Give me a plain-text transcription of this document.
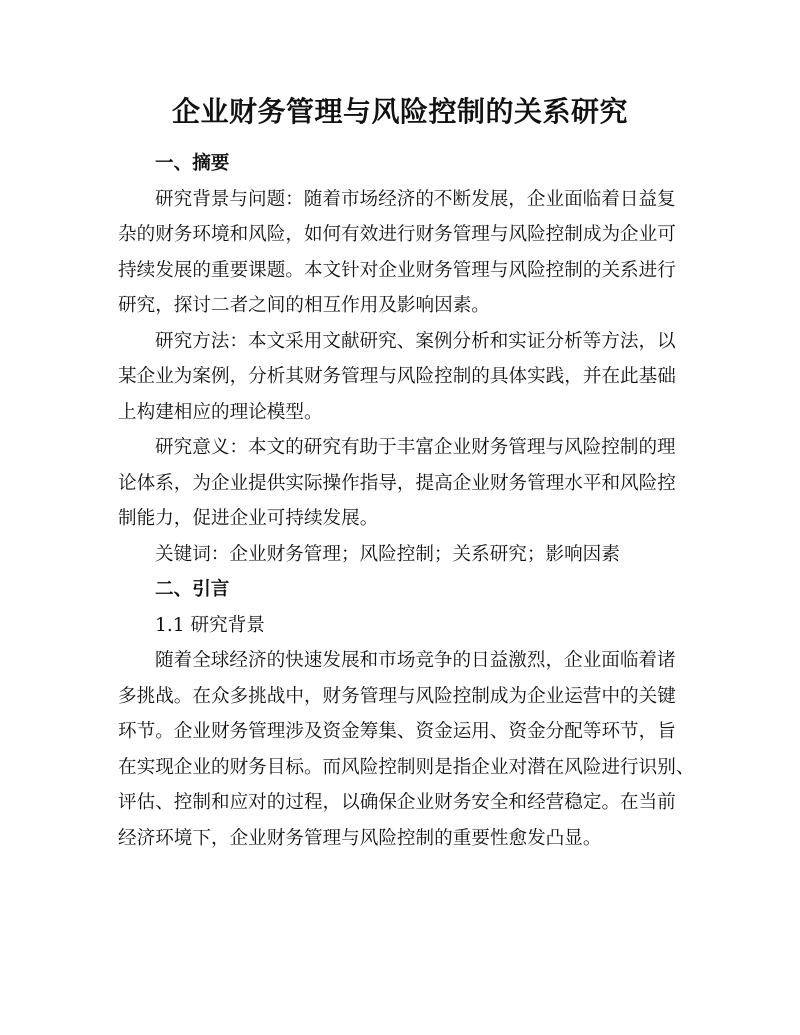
企业财务管理与风险控制的关系研究

一、摘要

研究背景与问题：随着市场经济的不断发展，企业面临着日益复

杂的财务环境和风险，如何有效进行财务管理与风险控制成为企业可

持续发展的重要课题。本文针对企业财务管理与风险控制的关系进行

研究，探讨二者之间的相互作用及影响因素。

研究方法：本文采用文献研究、案例分析和实证分析等方法，以

某企业为案例，分析其财务管理与风险控制的具体实践，并在此基础

上构建相应的理论模型。

研究意义：本文的研究有助于丰富企业财务管理与风险控制的理

论体系，为企业提供实际操作指导，提高企业财务管理水平和风险控

制能力，促进企业可持续发展。

关键词：企业财务管理；风险控制；关系研究；影响因素

二、引言

1.1 研究背景

随着全球经济的快速发展和市场竞争的日益激烈，企业面临着诸

多挑战。在众多挑战中，财务管理与风险控制成为企业运营中的关键

环节。企业财务管理涉及资金筹集、资金运用、资金分配等环节，旨

在实现企业的财务目标。而风险控制则是指企业对潜在风险进行识别、

评估、控制和应对的过程，以确保企业财务安全和经营稳定。在当前

经济环境下，企业财务管理与风险控制的重要性愈发凸显。
